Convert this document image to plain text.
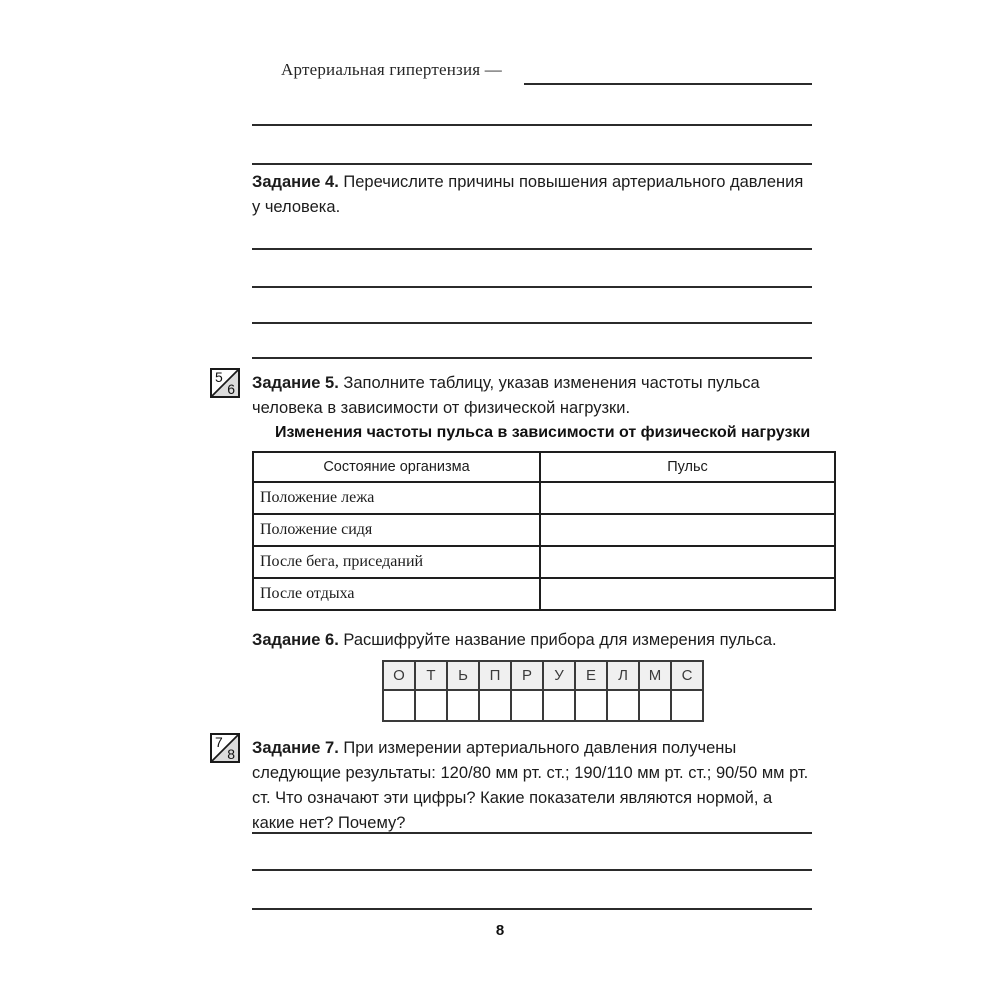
Артериальная гипертензия —
Задание 4. Перечислите причины повышения артериального давления у человека.
5
6 Задание 5. Заполните таблицу, указав изменения частоты пульса человека в зависимости от физической нагрузки.
Изменения частоты пульса в зависимости от физической нагрузки
Состояние организма	Пульс
Положение лежа	
Положение сидя	
После бега, приседаний	
После отдыха	
Задание 6. Расшифруйте название прибора для измерения пульса.
О	Т	Ь	П	Р	У	Е	Л	М	С

7
8 Задание 7. При измерении артериального давления получены следующие результаты: 120/80 мм рт. ст.; 190/110 мм рт. ст.; 90/50 мм рт. ст. Что означают эти цифры? Какие показатели являются нормой, а какие нет? Почему?
8
